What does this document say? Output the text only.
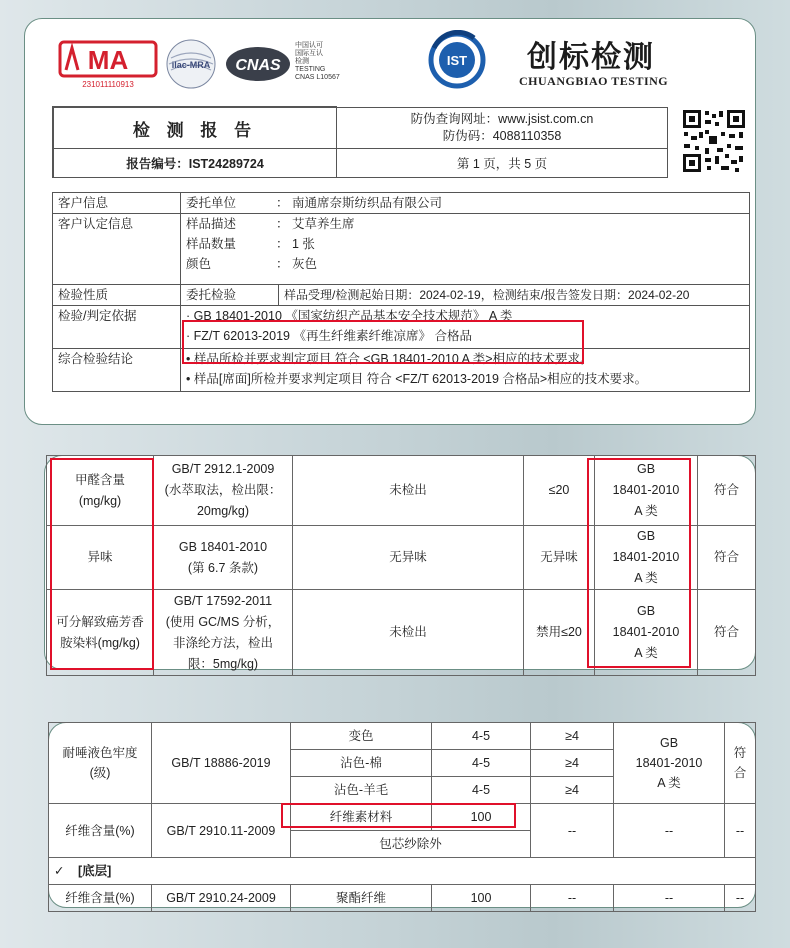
MA
231011110913
ilac-MRA CNAS
中国认可
国际互认
检测
TESTING
CNAS L10567
IST 创标检测
CHUANGBIAO TESTING
检 测 报 告	防伪查询网址：www.jsist.com.cn
防伪码：4088110358

报告编号：IST24289724	第 1 页，共 5 页
客户信息	委托单位 ： 南通席奈斯纺织品有限公司	
客户认定信息	样品描述 ： 艾草养生席
样品数量 ： 1 张
颜色 ： 灰色	

检验性质	委托检验	样品受理/检测起始日期：2024-02-19，检测结束/报告签发日期：2024-02-20
检验/判定依据	· GB 18401-2010 《国家纺织产品基本安全技术规范》 A 类
· FZ/T 62013-2019 《再生纤维素纤维凉席》 合格品	

综合检验结论	• 样品所检并要求判定项目 符合 <GB 18401-2010 A 类>相应的技术要求。
• 样品[席面]所检并要求判定项目 符合 <FZ/T 62013-2019 合格品>相应的技术要求。	
甲醛含量
(mg/kg)	GB/T 2912.1-2009
(水萃取法，检出限：
20mg/kg)	未检出	≤20	GB
18401-2010
A 类	符合
异味	GB 18401-2010
(第 6.7 条款)	无异味	无异味	GB
18401-2010
A 类	符合
可分解致癌芳香
胺染料(mg/kg)	GB/T 17592-2011
(使用 GC/MS 分析，
非涤纶方法，检出
限：5mg/kg)	未检出	禁用≤20	GB
18401-2010
A 类	符合
耐唾液色牢度
(级)	GB/T 18886-2019	变色	4-5	≥4	GB
18401-2010
A 类	符合
		沾色-棉	4-5	≥4		
		沾色-羊毛	4-5	≥4		
纤维含量(%)	GB/T 2910.11-2009	纤维素材料	100	--	--	--
		包芯纱除外				
✓ [底层]						
纤维含量(%)	GB/T 2910.24-2009	聚酯纤维	100	--	--	--
